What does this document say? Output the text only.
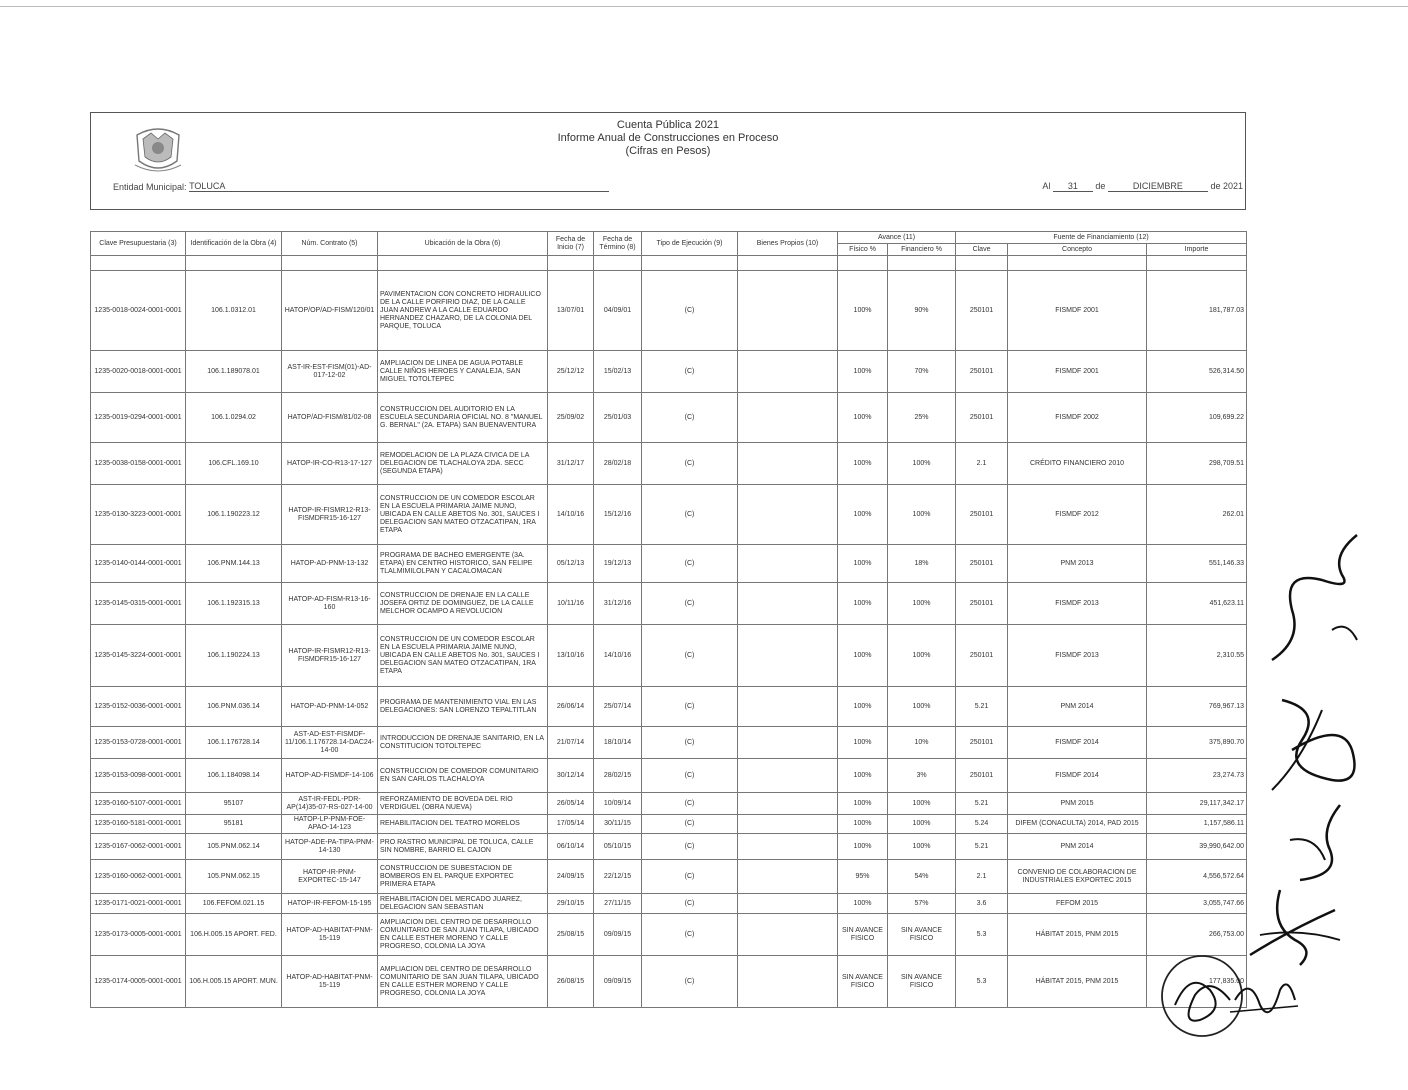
Cuenta Pública 2021
Informe Anual de Construcciones en Proceso
(Cifras en Pesos)
Entidad Municipal: TOLUCA	Al 31 de	DICIEMBRE	de 2021
Clave Presupuestaria (3)	Identificación de la Obra (4)	Núm. Contrato (5)	Ubicación de la Obra (6)	Fecha de Inicio (7)	Fecha de Término (8)	Tipo de Ejecución (9)	Bienes Propios (10)	Avance (11)		Fuente de Financiamiento (12)		
								Físico %	Financiero %	Clave	Concepto	Importe

1235-0018-0024-0001-0001	106.1.0312.01	HATOP/OP/AD-FISM/120/01	PAVIMENTACION CON CONCRETO HIDRAULICO DE LA CALLE PORFIRIO DIAZ, DE LA CALLE JUAN ANDREW A LA CALLE EDUARDO HERNANDEZ CHAZARO, DE LA COLONIA DEL PARQUE, TOLUCA	13/07/01	04/09/01	(C)		100%	90%	250101	FISMDF 2001	181,787.03
1235-0020-0018-0001-0001	106.1.189078.01	AST-IR-EST-FISM(01)-AD-017-12-02	AMPLIACION DE LINEA DE AGUA POTABLE CALLE NIÑOS HEROES Y CANALEJA, SAN MIGUEL TOTOLTEPEC	25/12/12	15/02/13	(C)		100%	70%	250101	FISMDF 2001	526,314.50
1235-0019-0294-0001-0001	106.1.0294.02	HATOP/AD-FISM/81/02-08	CONSTRUCCION DEL AUDITORIO EN LA ESCUELA SECUNDARIA OFICIAL NO. 8 "MANUEL G. BERNAL" (2A. ETAPA) SAN BUENAVENTURA	25/09/02	25/01/03	(C)		100%	25%	250101	FISMDF 2002	109,699.22
1235-0038-0158-0001-0001	106.CFL.169.10	HATOP-IR-CO-R13-17-127	REMODELACION DE LA PLAZA CIVICA DE LA DELEGACION DE TLACHALOYA 2DA. SECC (SEGUNDA ETAPA)	31/12/17	28/02/18	(C)		100%	100%	2.1	CRÉDITO FINANCIERO 2010	298,709.51
1235-0130-3223-0001-0001	106.1.190223.12	HATOP-IR-FISMR12-R13-FISMDFR15-16-127	CONSTRUCCION DE UN COMEDOR ESCOLAR EN LA ESCUELA PRIMARIA JAIME NUNO, UBICADA EN CALLE ABETOS No. 301, SAUCES I DELEGACION SAN MATEO OTZACATIPAN, 1RA ETAPA	14/10/16	15/12/16	(C)		100%	100%	250101	FISMDF 2012	262.01
1235-0140-0144-0001-0001	106.PNM.144.13	HATOP-AD-PNM-13-132	PROGRAMA DE BACHEO EMERGENTE (3A. ETAPA) EN CENTRO HISTORICO, SAN FELIPE TLALMIMILOLPAN Y CACALOMACAN	05/12/13	19/12/13	(C)		100%	18%	250101	PNM 2013	551,146.33
1235-0145-0315-0001-0001	106.1.192315.13	HATOP-AD-FISM-R13-16-160	CONSTRUCCION DE DRENAJE EN LA CALLE JOSEFA ORTIZ DE DOMINGUEZ, DE LA CALLE MELCHOR OCAMPO A REVOLUCION	10/11/16	31/12/16	(C)		100%	100%	250101	FISMDF 2013	451,623.11
1235-0145-3224-0001-0001	106.1.190224.13	HATOP-IR-FISMR12-R13-FISMDFR15-16-127	CONSTRUCCION DE UN COMEDOR ESCOLAR EN LA ESCUELA PRIMARIA JAIME NUNO, UBICADA EN CALLE ABETOS No. 301, SAUCES I DELEGACION SAN MATEO OTZACATIPAN, 1RA ETAPA	13/10/16	14/10/16	(C)		100%	100%	250101	FISMDF 2013	2,310.55
1235-0152-0036-0001-0001	106.PNM.036.14	HATOP-AD-PNM-14-052	PROGRAMA DE MANTENIMIENTO VIAL EN LAS DELEGACIONES: SAN LORENZO TEPALTITLAN	26/06/14	25/07/14	(C)		100%	100%	5.21	PNM 2014	769,967.13
1235-0153-0728-0001-0001	106.1.176728.14	AST-AD-EST-FISMDF-11/106.1.176728.14-DAC24-14-00	INTRODUCCION DE DRENAJE SANITARIO, EN LA CONSTITUCION TOTOLTEPEC	21/07/14	18/10/14	(C)		100%	10%	250101	FISMDF 2014	375,890.70
1235-0153-0098-0001-0001	106.1.184098.14	HATOP-AD-FISMDF-14-106	CONSTRUCCION DE COMEDOR COMUNITARIO EN SAN CARLOS TLACHALOYA	30/12/14	28/02/15	(C)		100%	3%	250101	FISMDF 2014	23,274.73
1235-0160-5107-0001-0001	95107	AST-IR-FEDL-PDR-AP(14)35-07-RS-027-14-00	REFORZAMIENTO DE BOVEDA DEL RIO VERDIGUEL (OBRA NUEVA)	26/05/14	10/09/14	(C)		100%	100%	5.21	PNM 2015	29,117,342.17
1235-0160-5181-0001-0001	95181	HATOP-LP-PNM-FOE-APAO-14-123	REHABILITACION DEL TEATRO MORELOS	17/05/14	30/11/15	(C)		100%	100%	5.24	DIFEM (CONACULTA) 2014, PAD 2015	1,157,586.11
1235-0167-0062-0001-0001	105.PNM.062.14	HATOP-ADE-PA-TIPA-PNM-14-130	PRO RASTRO MUNICIPAL DE TOLUCA, CALLE SIN NOMBRE, BARRIO EL CAJON	06/10/14	05/10/15	(C)		100%	100%	5.21	PNM 2014	39,990,642.00
1235-0160-0062-0001-0001	105.PNM.062.15	HATOP-IR-PNM-EXPORTEC-15-147	CONSTRUCCION DE SUBESTACION DE BOMBEROS EN EL PARQUE EXPORTEC PRIMERA ETAPA	24/09/15	22/12/15	(C)		95%	54%	2.1	CONVENIO DE COLABORACION DE INDUSTRIALES EXPORTEC 2015	4,556,572.64
1235-0171-0021-0001-0001	106.FEFOM.021.15	HATOP-IR-FEFOM-15-195	REHABILITACION DEL MERCADO JUAREZ, DELEGACION SAN SEBASTIAN	29/10/15	27/11/15	(C)		100%	57%	3.6	FEFOM 2015	3,055,747.66
1235-0173-0005-0001-0001	106.H.005.15 APORT. FED.	HATOP-AD-HABITAT-PNM-15-119	AMPLIACION DEL CENTRO DE DESARROLLO COMUNITARIO DE SAN JUAN TILAPA, UBICADO EN CALLE ESTHER MORENO Y CALLE PROGRESO, COLONIA LA JOYA	25/08/15	09/09/15	(C)		SIN AVANCE FISICO	SIN AVANCE FISICO	5.3	HÁBITAT 2015, PNM 2015	266,753.00
1235-0174-0005-0001-0001	106.H.005.15 APORT. MUN.	HATOP-AD-HABITAT-PNM-15-119	AMPLIACION DEL CENTRO DE DESARROLLO COMUNITARIO DE SAN JUAN TILAPA, UBICADO EN CALLE ESTHER MORENO Y CALLE PROGRESO, COLONIA LA JOYA	26/08/15	09/09/15	(C)		SIN AVANCE FISICO	SIN AVANCE FISICO	5.3	HÁBITAT 2015, PNM 2015	177,835.00
